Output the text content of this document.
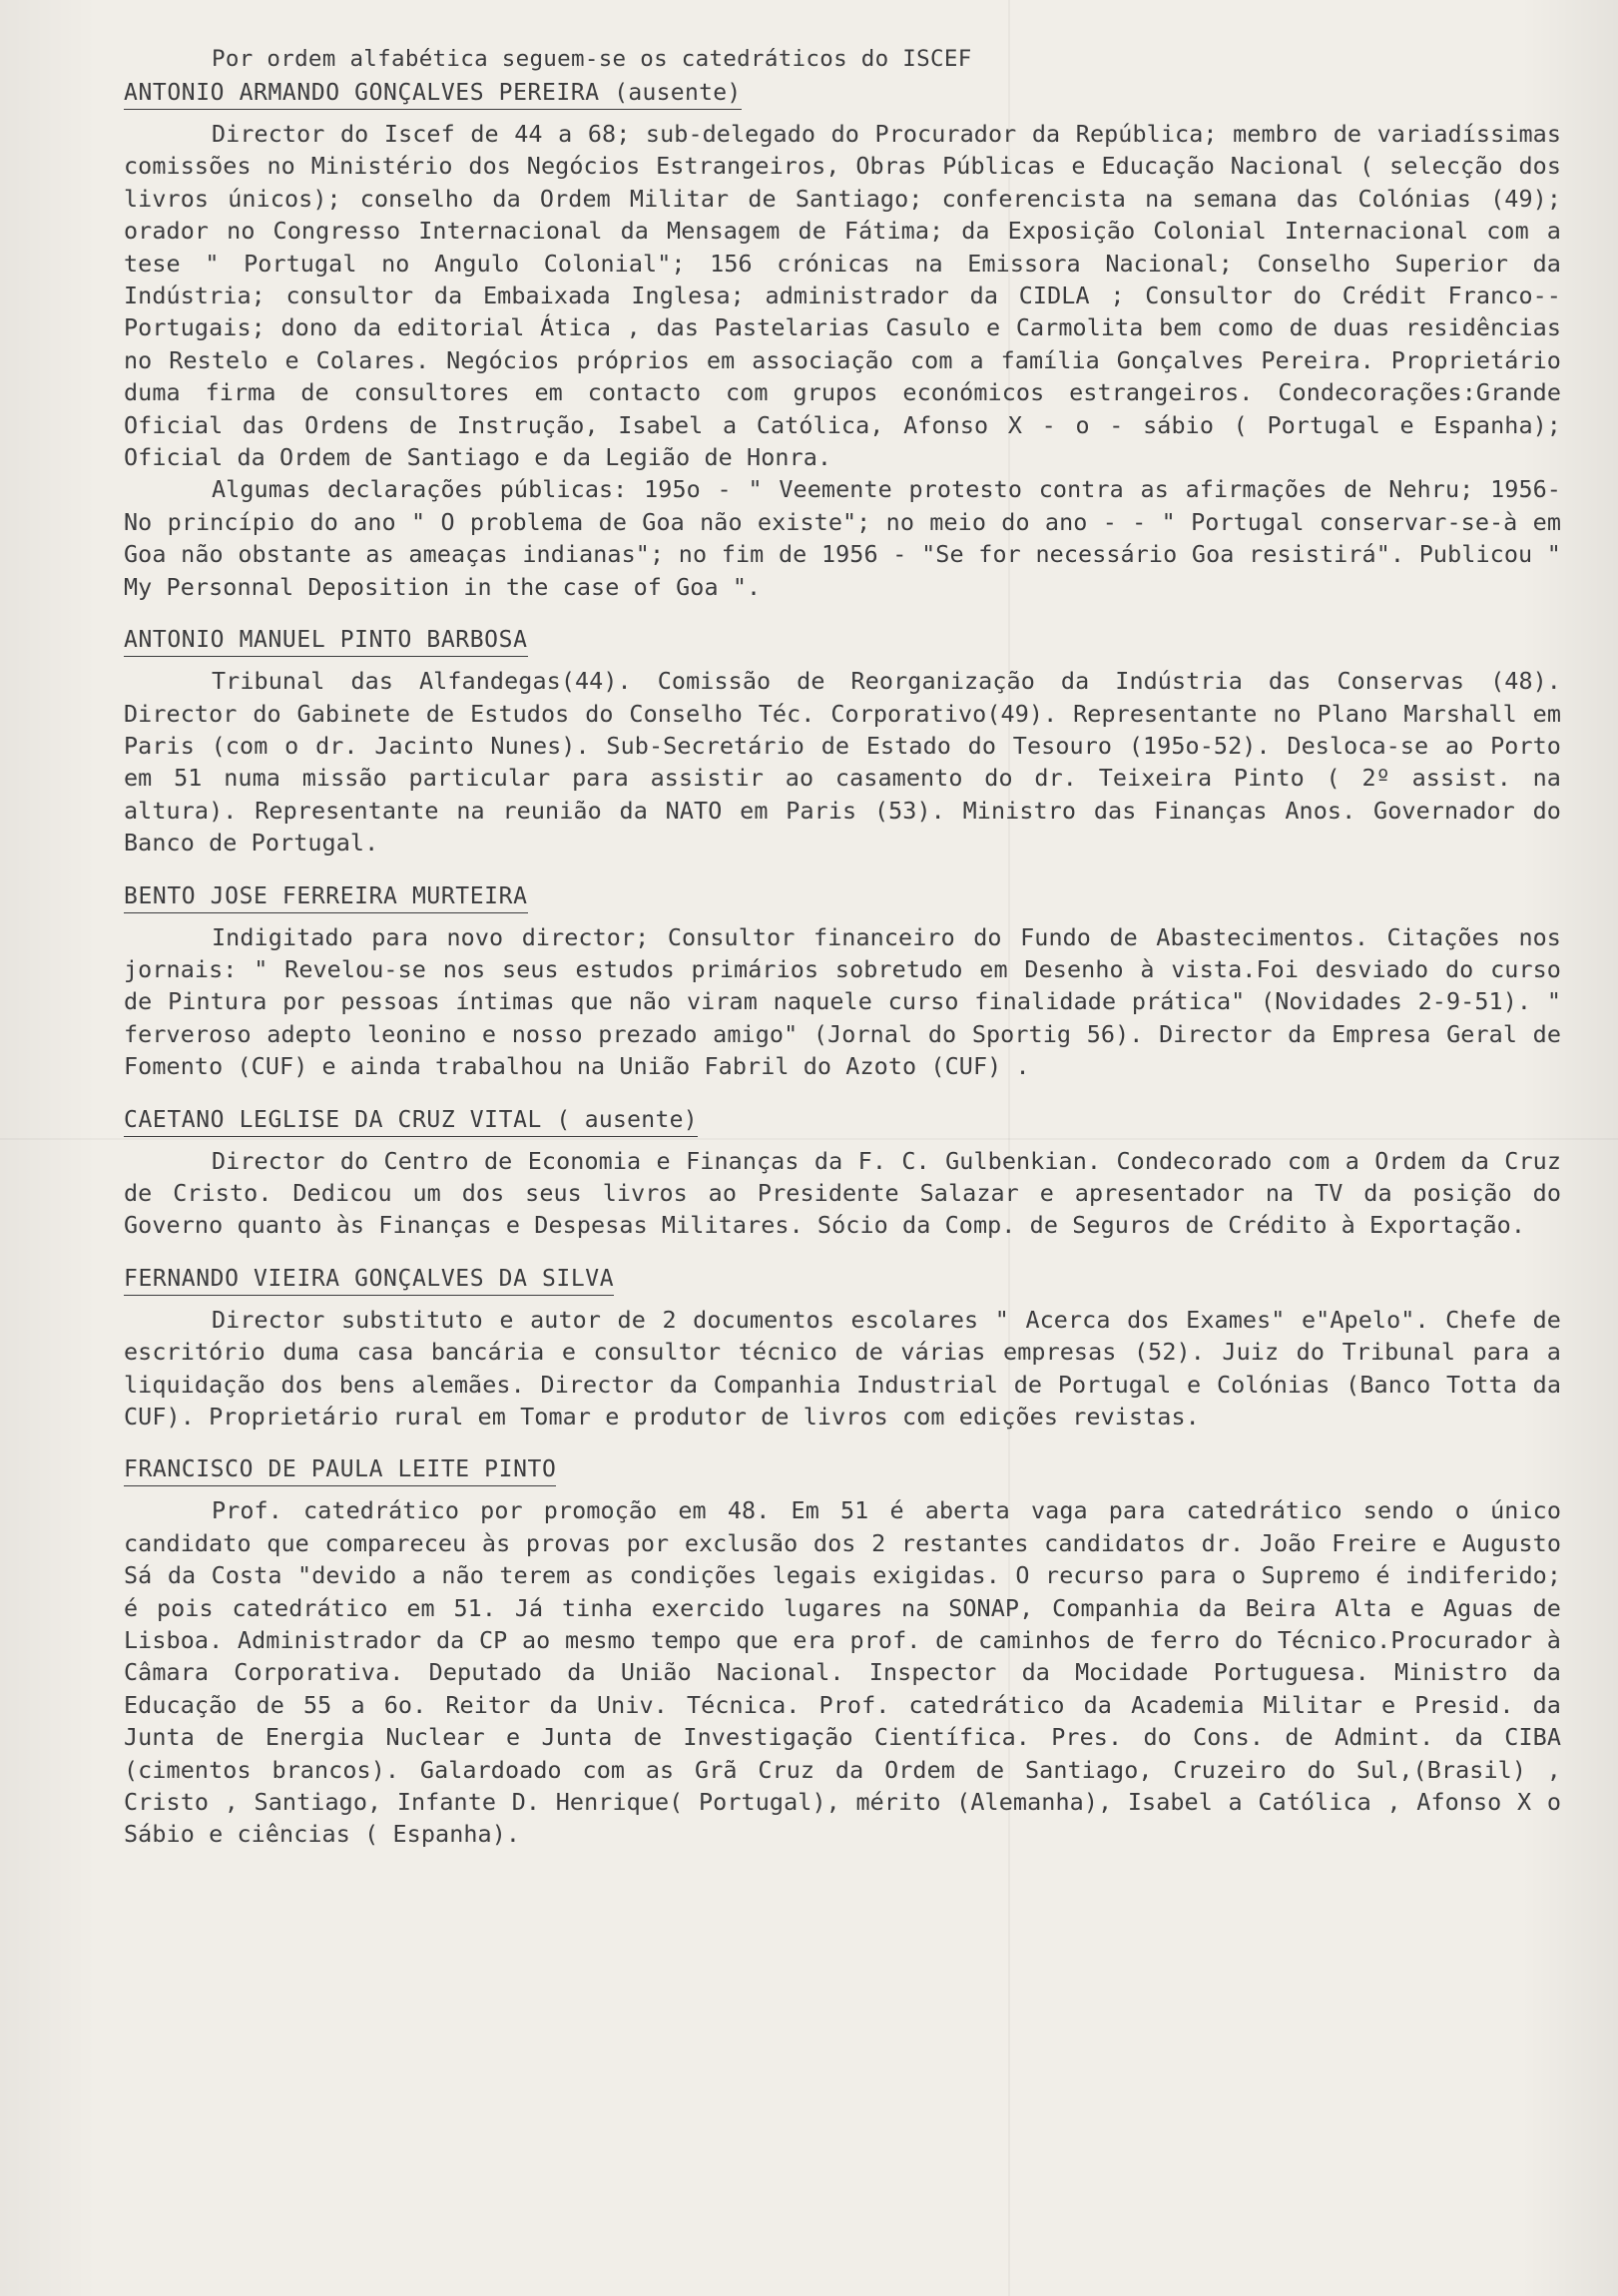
Por ordem alfabética seguem-se os catedráticos do ISCEF
ANTONIO ARMANDO GONÇALVES PEREIRA (ausente)

Director do Iscef de 44 a 68; sub-delegado do Procurador da República; membro de variadíssimas comissões no Ministério dos Negócios Estrangeiros, Obras Públicas e Educação Nacional ( selecção dos livros únicos); conselho da Ordem Militar de Santiago; conferencista na semana das Colónias (49); orador no Congresso Internacional da Mensagem de Fátima; da Exposição Colonial Internacional com a tese " Portugal no Angulo Colonial"; 156 crónicas na Emissora Nacional; Conselho Superior da Indústria; consultor da Embaixada Inglesa; administrador da CIDLA ; Consultor do Crédit Franco--Portugais; dono da editorial Ática , das Pastelarias Casulo e Carmolita bem como de duas residências no Restelo e Colares. Negócios próprios em associação com a família Gonçalves Pereira. Proprietário duma firma de consultores em contacto com grupos económicos estrangeiros. Condecorações:Grande Oficial das Ordens de Instrução, Isabel a Católica, Afonso X - o - sábio ( Portugal e Espanha); Oficial da Ordem de Santiago e da Legião de Honra.

Algumas declarações públicas: 195o - " Veemente protesto contra as afirmações de Nehru; 1956- No princípio do ano " O problema de Goa não existe"; no meio do ano - - " Portugal conservar-se-à em Goa não obstante as ameaças indianas"; no fim de 1956 - "Se for necessário Goa resistirá". Publicou " My Personnal Deposition in the case of Goa ".

ANTONIO MANUEL PINTO BARBOSA

Tribunal das Alfandegas(44). Comissão de Reorganização da Indústria das Conservas (48). Director do Gabinete de Estudos do Conselho Téc. Corporativo(49). Representante no Plano Marshall em Paris (com o dr. Jacinto Nunes). Sub-Secretário de Estado do Tesouro (195o-52). Desloca-se ao Porto em 51 numa missão particular para assistir ao casamento do dr. Teixeira Pinto ( 2º assist. na altura). Representante na reunião da NATO em Paris (53). Ministro das Finanças Anos. Governador do Banco de Portugal.

BENTO JOSE FERREIRA MURTEIRA

Indigitado para novo director; Consultor financeiro do Fundo de Abastecimentos. Citações nos jornais: " Revelou-se nos seus estudos primários sobretudo em Desenho à vista.Foi desviado do curso de Pintura por pessoas íntimas que não viram naquele curso finalidade prática" (Novidades 2-9-51). " ferveroso adepto leonino e nosso prezado amigo" (Jornal do Sportig 56). Director da Empresa Geral de Fomento (CUF) e ainda trabalhou na União Fabril do Azoto (CUF) .

CAETANO LEGLISE DA CRUZ VITAL ( ausente)

Director do Centro de Economia e Finanças da F. C. Gulbenkian. Condecorado com a Ordem da Cruz de Cristo. Dedicou um dos seus livros ao Presidente Salazar e apresentador na TV da posição do Governo quanto às Finanças e Despesas Militares. Sócio da Comp. de Seguros de Crédito à Exportação.

FERNANDO VIEIRA GONÇALVES DA SILVA

Director substituto e autor de 2 documentos escolares " Acerca dos Exames" e"Apelo". Chefe de escritório duma casa bancária e consultor técnico de várias empresas (52). Juiz do Tribunal para a liquidação dos bens alemães. Director da Companhia Industrial de Portugal e Colónias (Banco Totta da CUF). Proprietário rural em Tomar e produtor de livros com edições revistas.

FRANCISCO DE PAULA LEITE PINTO

Prof. catedrático por promoção em 48. Em 51 é aberta vaga para catedrático sendo o único candidato que compareceu às provas por exclusão dos 2 restantes candidatos dr. João Freire e Augusto Sá da Costa "devido a não terem as condições legais exigidas. O recurso para o Supremo é indiferido; é pois catedrático em 51. Já tinha exercido lugares na SONAP, Companhia da Beira Alta e Aguas de Lisboa. Administrador da CP ao mesmo tempo que era prof. de caminhos de ferro do Técnico.Procurador à Câmara Corporativa. Deputado da União Nacional. Inspector da Mocidade Portuguesa. Ministro da Educação de 55 a 6o. Reitor da Univ. Técnica. Prof. catedrático da Academia Militar e Presid. da Junta de Energia Nuclear e Junta de Investigação Científica. Pres. do Cons. de Admint. da CIBA (cimentos brancos). Galardoado com as Grã Cruz da Ordem de Santiago, Cruzeiro do Sul,(Brasil) , Cristo , Santiago, Infante D. Henrique( Portugal), mérito (Alemanha), Isabel a Católica , Afonso X o Sábio e ciências ( Espanha).
